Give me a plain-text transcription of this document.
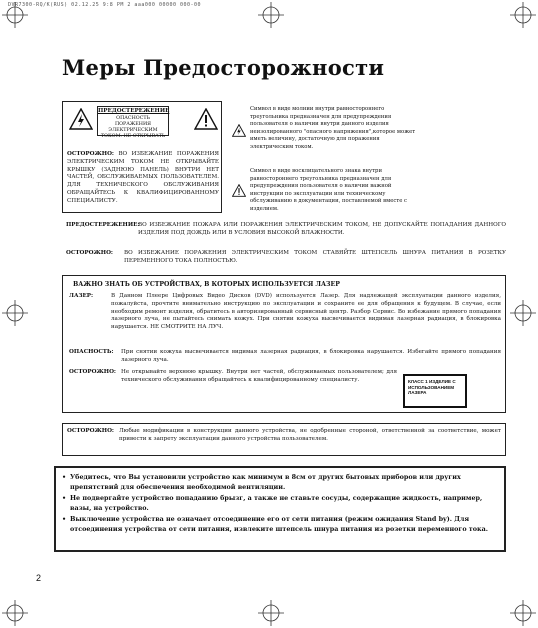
DVR7300-RQ/K(RUS) 02.12.25 9:8 PM 2 aaa000 00000 000-00
Меры Предосторожности
ПРЕДОСТЕРЕЖЕНИЕ
ОПАСНОСТЬ ПОРАЖЕНИЯ ЭЛЕКТРИЧЕСКИМ ТОКОМ. НЕ ОТКРЫВАТЬ
ОСТОРОЖНО: ВО ИЗБЕЖАНИЕ ПОРАЖЕНИЯ ЭЛЕКТРИЧЕСКИМ ТОКОМ НЕ ОТКРЫВАЙТЕ КРЫШКУ (ЗАДНЮЮ ПАНЕЛЬ) ВНУТРИ НЕТ ЧАСТЕЙ, ОБСЛУЖИВАЕМЫХ ПОЛЬЗОВАТЕЛЕМ. ДЛЯ ТЕХНИЧЕСКОГО ОБСЛУЖИВАНИЯ ОБРАЩАЙТЕСЬ К КВАЛИФИЦИРОВАННОМУ СПЕЦИАЛИСТУ.
Символ в виде молнии внутри равностороннего треугольника предназначен для предупреждения пользователя о наличии внутри данного изделия неизолированного "опасного напряжения",которое может иметь величину, достаточную для поражения электрическим током.
Символ в виде восклицательного знака внутри равностороннего треугольника предназначен для предупреждения пользователя о наличии важной инструкции по эксплуатации или техническому обслуживанию в документации, поставляемой вместе с изделием.
ПРЕДОСТЕРЕЖЕНИЕ:
ВО ИЗБЕЖАНИЕ ПОЖАРА ИЛИ ПОРАЖЕНИЯ ЭЛЕКТРИЧЕСКИМ ТОКОМ, НЕ ДОПУСКАЙТЕ ПОПАДАНИЯ ДАННОГО ИЗДЕЛИЯ ПОД ДОЖДЬ ИЛИ В УСЛОВИЯ ВЫСОКОЙ ВЛАЖНОСТИ.
ОСТОРОЖНО:	ВО ИЗБЕЖАНИЕ ПОРАЖЕНИЯ ЭЛЕКТРИЧЕСКИМ ТОКОМ СТАВЯЙТЕ ШТЕПСЕЛЬ ШНУРА ПИТАНИЯ В РОЗЕТКУ ПЕРЕМЕННОГО ТОКА ПОЛНОСТЬЮ.
ВАЖНО ЗНАТЬ ОБ УСТРОЙСТВАХ, В КОТОРЫХ ИСПОЛЬЗУЕТСЯ ЛАЗЕР
ЛАЗЕР:	В Данном Плеере Цифровых Видео Дисков (DVD) используется Лазер. Для надлежащей эксплуатации данного изделия, пожалуйста, прочтите внимательно инструкцию по эксплуатации и сохраните ее для обращения к будущем. В случае, если необходим ремонт изделия, обратитесь в авторизированный сервисный центр. Разбор Сервис. Во избежание прямого попадания лазерного луча, не пытайтесь снимать кожух. При снятии кожуха высвечивается видимая лазерная радиация, в блокировка нарушается. НЕ СМОТРИТЕ НА ЛУЧ.
ОПАСНОСТЬ:	При снятии кожуха высвечивается видимая лазерная радиация, в блокировка нарушается. Избегайте прямого попадания лазерного луча.
ОСТОРОЖНО: Не открывайте верхнюю крышку. Внутри нет частей, обслуживаемых пользователем; для технического обслуживания обращайтесь к квалифицированному специалисту.	КЛАСС 1 ИЗДЕЛИЕ С ИСПОЛЬЗОВАНИЕМ ЛАЗЕРА
ОСТОРОЖНО: Любые модификации в конструкции данного устройства, не одобренные стороной, ответственной за соответствие, может привести к запрету эксплуатации данного устройства пользователем.
• Убедитесь, что Вы установили устройство как минимум в 8см от других бытовых приборов или других препятствий для обеспечения необходимой вентиляции.
• Не подвергайте устройство попаданию брызг, а также не ставьте сосуды, содержащие жидкость, например, вазы, на устройство.
• Выключение устройства не означает отсоединение его от сети питания (режим ожидания Stand by). Для отсоединения устройства от сети питания, извлеките штепсель шнура питания из розетки переменного тока.
2
